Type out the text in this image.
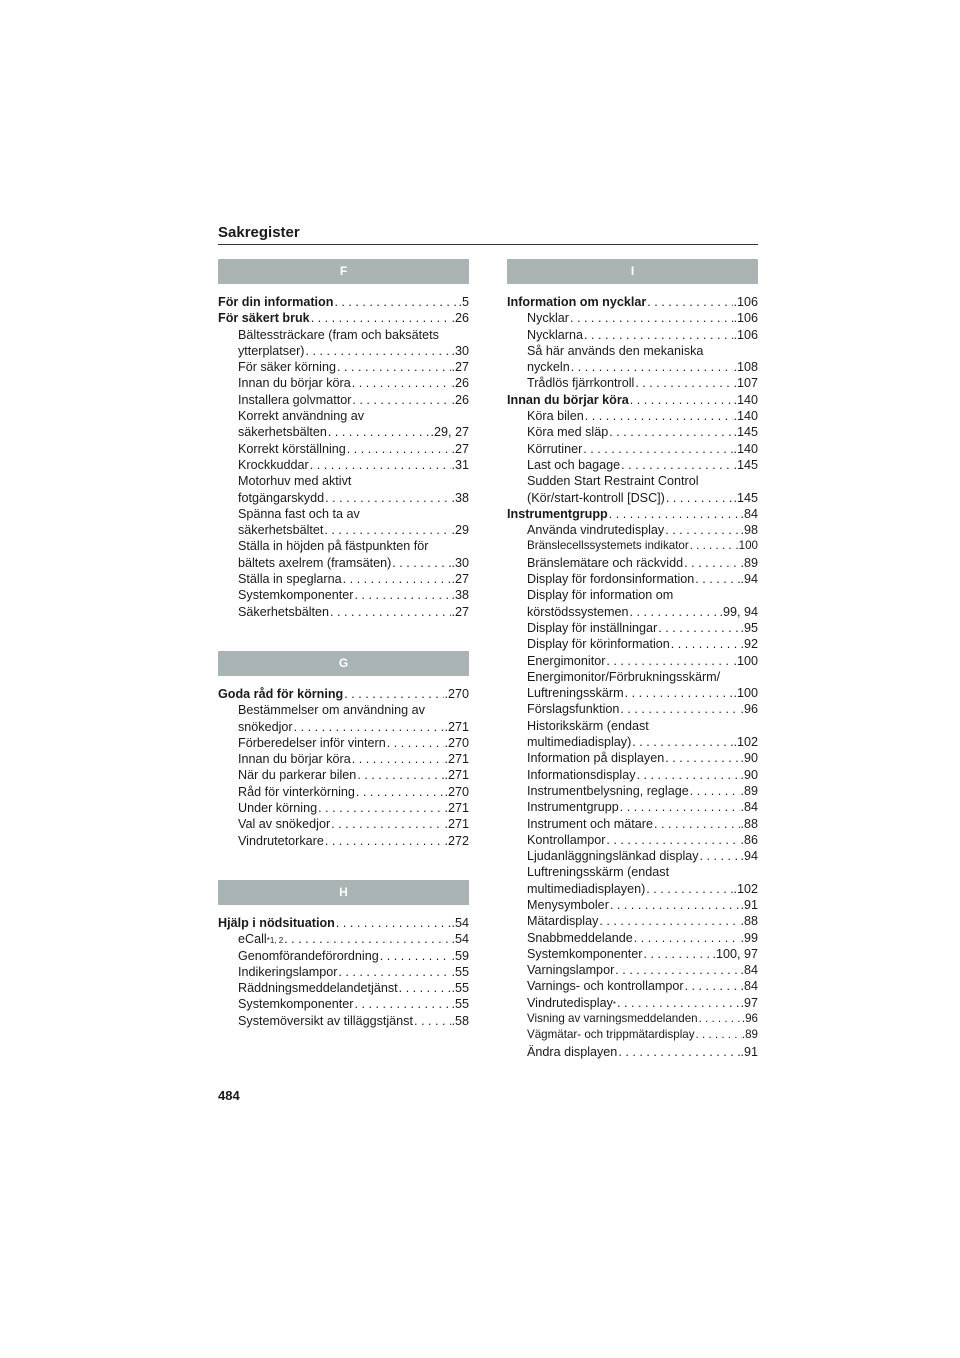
Sakregister
F
För din information . . .	.5
För säkert bruk . . .	.26
Bältessträckare (fram och baksätets
ytterplatser) . . .	.30
För säker körning . . .	.27
Innan du börjar köra . . .	.26
Installera golvmattor . . .	.26
Korrekt användning av
säkerhetsbälten . . .	.29, 27
Korrekt körställning . . .	.27
Krockkuddar . . .	.31
Motorhuv med aktivt
fotgängarskydd . . .	.38
Spänna fast och ta av
säkerhetsbältet . . .	.29
Ställa in höjden på fästpunkten för
bältets axelrem (framsäten) . . .	.30
Ställa in speglarna . . .	.27
Systemkomponenter . . .	.38
Säkerhetsbälten . . .	.27
G
Goda råd för körning . . .	.270
Bestämmelser om användning av
snökedjor . . .	.271
Förberedelser inför vintern . . .	.270
Innan du börjar köra . . .	.271
När du parkerar bilen . . .	.271
Råd för vinterkörning . . .	.270
Under körning . . .	.271
Val av snökedjor . . .	.271
Vindrutetorkare . . .	.272
H
Hjälp i nödsituation . . .	.54
eCall *1, 2 . . .	.54
Genomförandeförordning . . .	.59
Indikeringslampor . . .	.55
Räddningsmeddelandetjänst . . .	.55
Systemkomponenter . . .	.55
Systemöversikt av tilläggstjänst . . .	.58
I
Information om nycklar . . .	.106
Nycklar . . .	.106
Nycklarna . . .	.106
Så här används den mekaniska
nyckeln . . .	.108
Trådlös fjärrkontroll . . .	.107
Innan du börjar köra . . .	.140
Köra bilen . . .	.140
Köra med släp . . .	.145
Körrutiner . . .	.140
Last och bagage . . .	.145
Sudden Start Restraint Control
(Kör/start-kontroll [DSC]) . . .	.145
Instrumentgrupp . . .	.84
Använda vindrutedisplay . . .	.98
Bränslecellssystemets indikator . . .	.100
Bränslemätare och räckvidd . . .	.89
Display för fordonsinformation . . .	.94
Display för information om
körstödssystemen . . .	.99, 94
Display för inställningar . . .	.95
Display för körinformation . . .	.92
Energimonitor . . .	.100
Energimonitor/Förbrukningsskärm/
Luftreningsskärm . . .	.100
Förslagsfunktion . . .	.96
Historikskärm (endast
multimediadisplay) . . .	.102
Information på displayen . . .	.90
Informationsdisplay . . .	.90
Instrumentbelysning, reglage . . .	.89
Instrumentgrupp . . .	.84
Instrument och mätare . . .	.88
Kontrollampor . . .	.86
Ljudanläggningslänkad display . . .	.94
Luftreningsskärm (endast
multimediadisplayen) . . .	.102
Menysymboler . . .	.91
Mätardisplay . . .	.88
Snabbmeddelande . . .	.99
Systemkomponenter . . .	.100, 97
Varningslampor . . .	.84
Varnings- och kontrollampor . . .	.84
Vindrutedisplay * . . .	.97
Visning av varningsmeddelanden . . .	.96
Vägmätar- och trippmätardisplay . . .	.89
Ändra displayen . . .	.91
484
